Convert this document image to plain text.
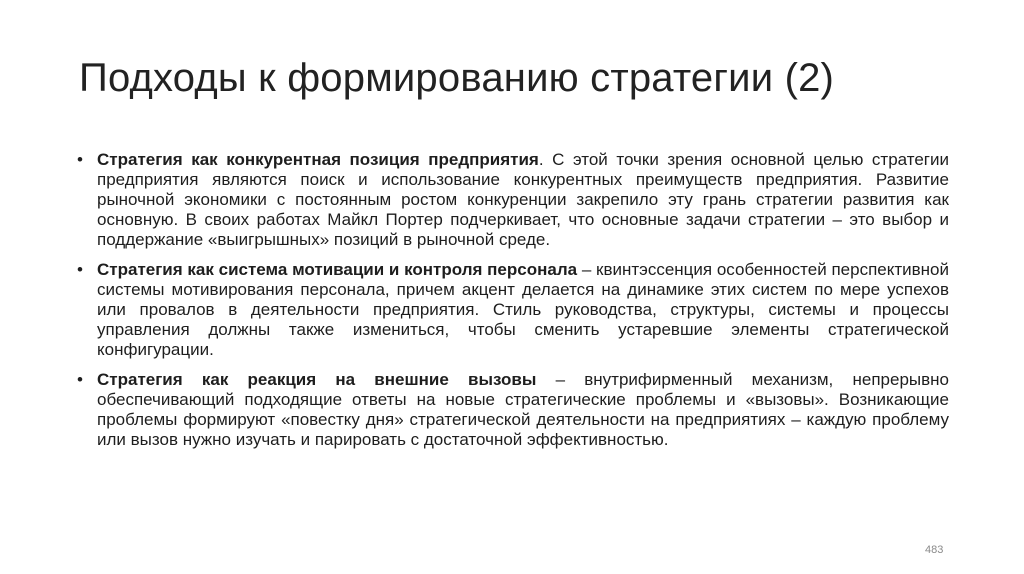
Подходы к формированию стратегии (2)
• Стратегия как конкурентная позиция предприятия. С этой точки зрения основной целью стратегии предприятия являются поиск и использование конкурентных преимуществ предприятия. Развитие рыночной экономики с постоянным ростом конкуренции закрепило эту грань стратегии развития как основную. В своих работах Майкл Портер подчеркивает, что основные задачи стратегии – это выбор и поддержание «выигрышных» позиций в рыночной среде.
• Стратегия как система мотивации и контроля персонала – квинтэссенция особенностей перспективной системы мотивирования персонала, причем акцент делается на динамике этих систем по мере успехов или провалов в деятельности предприятия. Стиль руководства, структуры, системы и процессы управления должны также измениться, чтобы сменить устаревшие элементы стратегической конфигурации.
• Стратегия как реакция на внешние вызовы – внутрифирменный механизм, непрерывно обеспечивающий подходящие ответы на новые стратегические проблемы и «вызовы». Возникающие проблемы формируют «повестку дня» стратегической деятельности на предприятиях – каждую проблему или вызов нужно изучать и парировать с достаточной эффективностью.
483
